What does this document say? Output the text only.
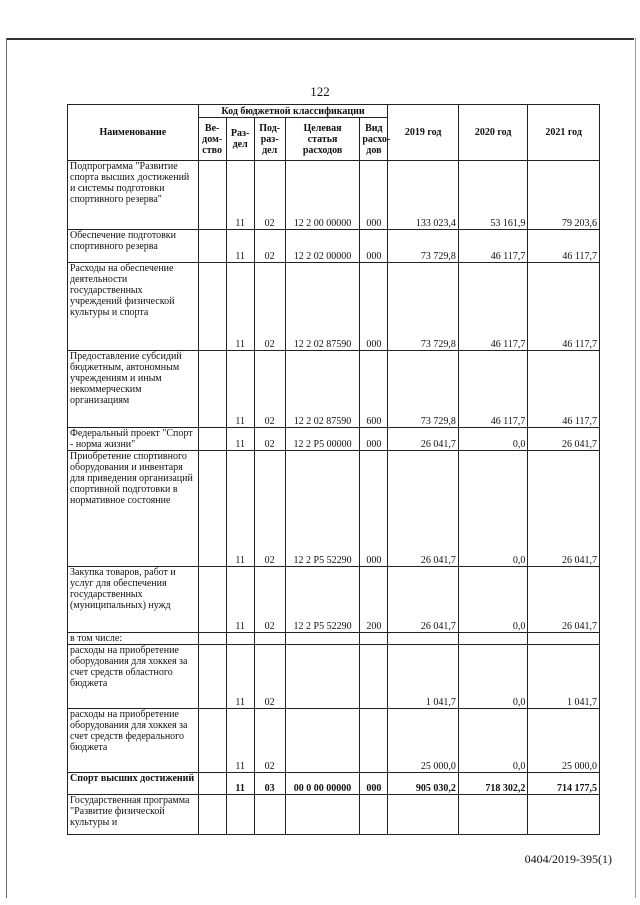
122
Наименование	Код бюджетной классификации					2019 год	2020 год	2021 год
	Ве-дом-ство	Раз-дел	Под-раз-дел	Целевая статья расходов	Вид расхо-дов			
Подпрограмма "Развитие спорта высших достижений и системы подготовки спортивного резерва"		11	02	12 2 00 00000	000	133 023,4	53 161,9	79 203,6
Обеспечение подготовки спортивного резерва		11	02	12 2 02 00000	000	73 729,8	46 117,7	46 117,7
Расходы на обеспечение деятельности государственных учреждений физической культуры и спорта		11	02	12 2 02 87590	000	73 729,8	46 117,7	46 117,7
Предоставление субсидий бюджетным, автономным учреждениям и иным некоммерческим организациям		11	02	12 2 02 87590	600	73 729,8	46 117,7	46 117,7
Федеральный проект "Спорт - норма жизни"		11	02	12 2 P5 00000	000	26 041,7	0,0	26 041,7
Приобретение спортивного оборудования и инвентаря для приведения организаций спортивной подготовки в нормативное состояние		11	02	12 2 P5 52290	000	26 041,7	0,0	26 041,7
Закупка товаров, работ и услуг для обеспечения государственных (муниципальных) нужд		11	02	12 2 P5 52290	200	26 041,7	0,0	26 041,7
в том числе:								
расходы на приобретение оборудования для хоккея за счет средств областного бюджета		11	02			1 041,7	0,0	1 041,7
расходы на приобретение оборудования для хоккея за счет средств федерального бюджета		11	02			25 000,0	0,0	25 000,0
Спорт высших достижений		11	03	00 0 00 00000	000	905 030,2	718 302,2	714 177,5
Государственная программа "Развитие физической культуры и								
0404/2019-395(1)
